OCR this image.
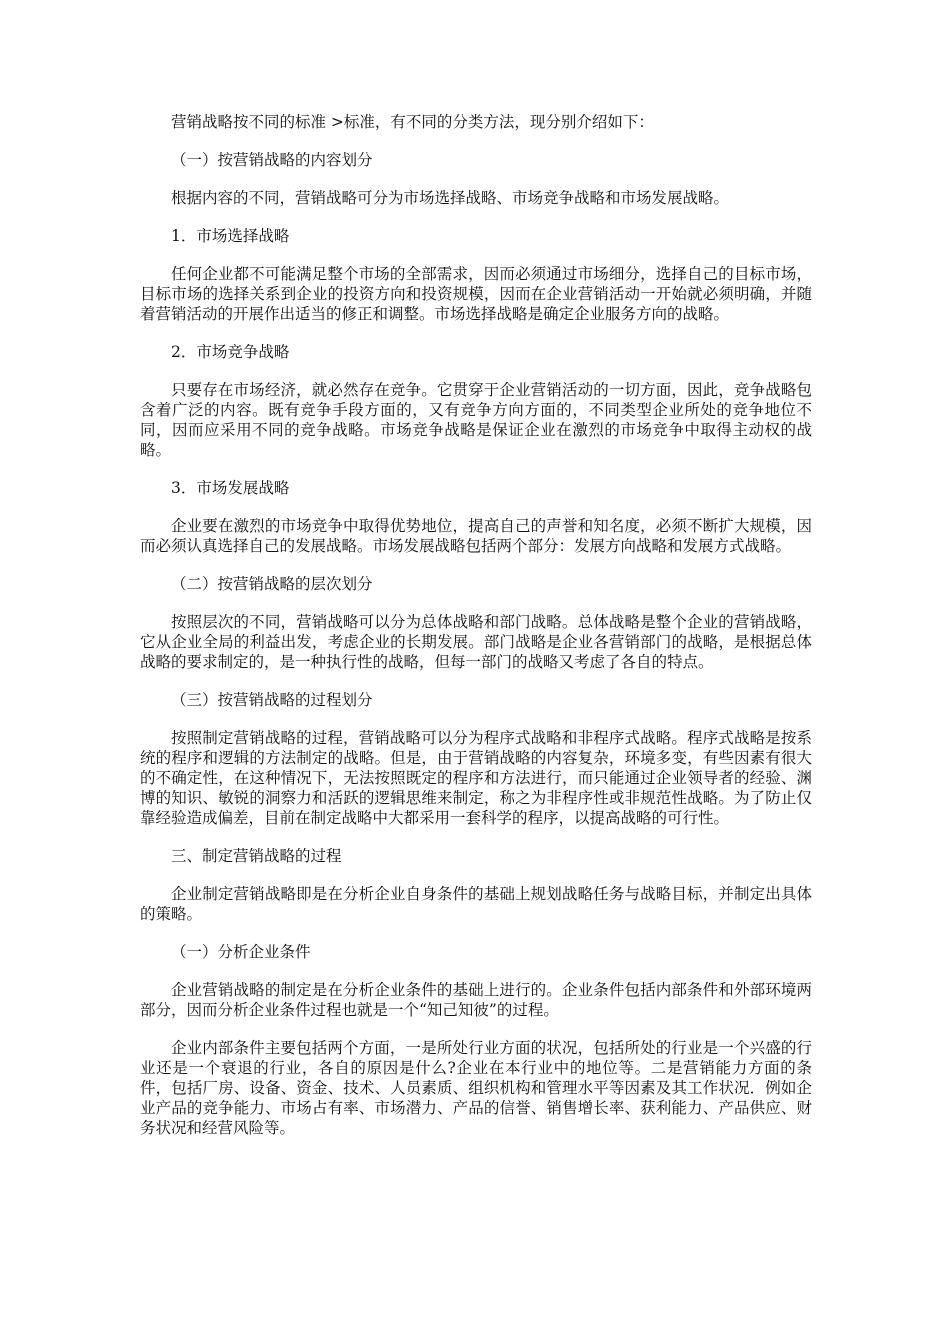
营销战略按不同的标准 >标准，有不同的分类方法，现分别介绍如下：

（一）按营销战略的内容划分

根据内容的不同，营销战略可分为市场选择战略、市场竞争战略和市场发展战略。

1．市场选择战略

任何企业都不可能满足整个市场的全部需求，因而必须通过市场细分，选择自己的目标市场，目标市场的选择关系到企业的投资方向和投资规模，因而在企业营销活动一开始就必须明确，并随着营销活动的开展作出适当的修正和调整。市场选择战略是确定企业服务方向的战略。

2．市场竞争战略

只要存在市场经济，就必然存在竞争。它贯穿于企业营销活动的一切方面，因此，竞争战略包含着广泛的内容。既有竞争手段方面的，又有竞争方向方面的，不同类型企业所处的竞争地位不同，因而应采用不同的竞争战略。市场竞争战略是保证企业在激烈的市场竞争中取得主动权的战略。

3．市场发展战略

企业要在激烈的市场竞争中取得优势地位，提高自己的声誉和知名度，必须不断扩大规模，因而必须认真选择自己的发展战略。市场发展战略包括两个部分：发展方向战略和发展方式战略。

（二）按营销战略的层次划分

按照层次的不同，营销战略可以分为总体战略和部门战略。总体战略是整个企业的营销战略，它从企业全局的利益出发，考虑企业的长期发展。部门战略是企业各营销部门的战略，是根据总体战略的要求制定的，是一种执行性的战略，但每一部门的战略又考虑了各自的特点。

（三）按营销战略的过程划分

按照制定营销战略的过程，营销战略可以分为程序式战略和非程序式战略。程序式战略是按系统的程序和逻辑的方法制定的战略。但是，由于营销战略的内容复杂，环境多变，有些因素有很大的不确定性，在这种情况下，无法按照既定的程序和方法进行，而只能通过企业领导者的经验、渊博的知识、敏锐的洞察力和活跃的逻辑思维来制定，称之为非程序性或非规范性战略。为了防止仅靠经验造成偏差，目前在制定战略中大都采用一套科学的程序，以提高战略的可行性。

三、制定营销战略的过程

企业制定营销战略即是在分析企业自身条件的基础上规划战略任务与战略目标，并制定出具体的策略。

（一）分析企业条件

企业营销战略的制定是在分析企业条件的基础上进行的。企业条件包括内部条件和外部环境两部分，因而分析企业条件过程也就是一个“知己知彼”的过程。

企业内部条件主要包括两个方面，一是所处行业方面的状况，包括所处的行业是一个兴盛的行业还是一个衰退的行业，各自的原因是什么?企业在本行业中的地位等。二是营销能力方面的条件，包括厂房、设备、资金、技术、人员素质、组织机构和管理水平等因素及其工作状况．例如企业产品的竞争能力、市场占有率、市场潜力、产品的信誉、销售增长率、获利能力、产品供应、财务状况和经营风险等。
